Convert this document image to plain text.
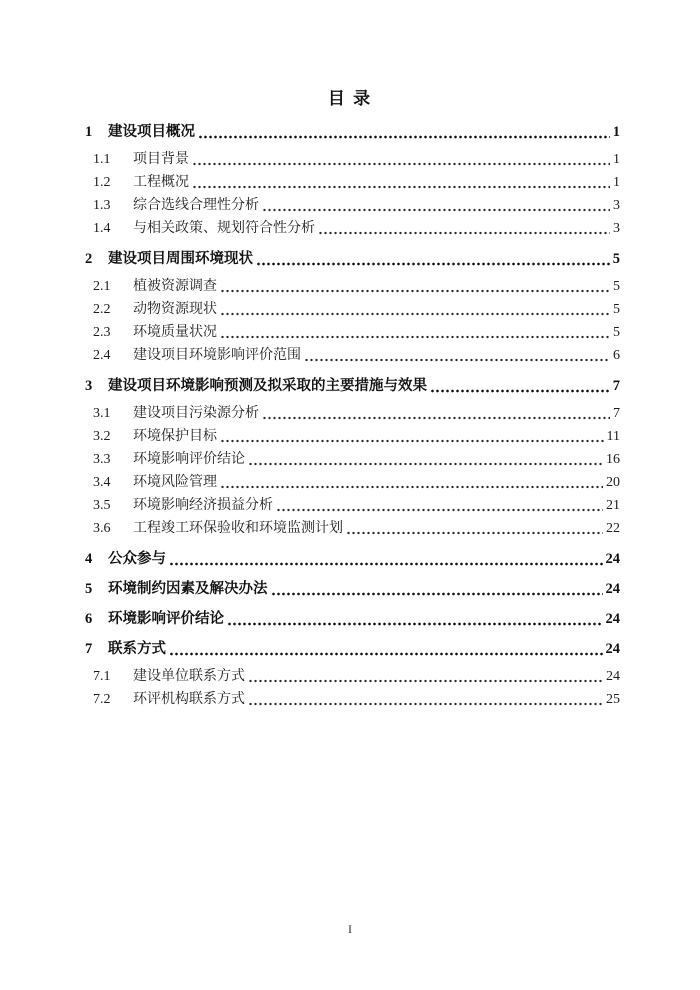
目 录
1	建设项目概况	1
1.1	项目背景	1
1.2	工程概况	1
1.3	综合选线合理性分析	3
1.4	与相关政策、规划符合性分析	3
2	建设项目周围环境现状	5
2.1	植被资源调查	5
2.2	动物资源现状	5
2.3	环境质量状况	5
2.4	建设项目环境影响评价范围	6
3	建设项目环境影响预测及拟采取的主要措施与效果	7
3.1	建设项目污染源分析	7
3.2	环境保护目标	11
3.3	环境影响评价结论	16
3.4	环境风险管理	20
3.5	环境影响经济损益分析	21
3.6	工程竣工环保验收和环境监测计划	22
4	公众参与	24
5	环境制约因素及解决办法	24
6	环境影响评价结论	24
7	联系方式	24
7.1	建设单位联系方式	24
7.2	环评机构联系方式	25
I
